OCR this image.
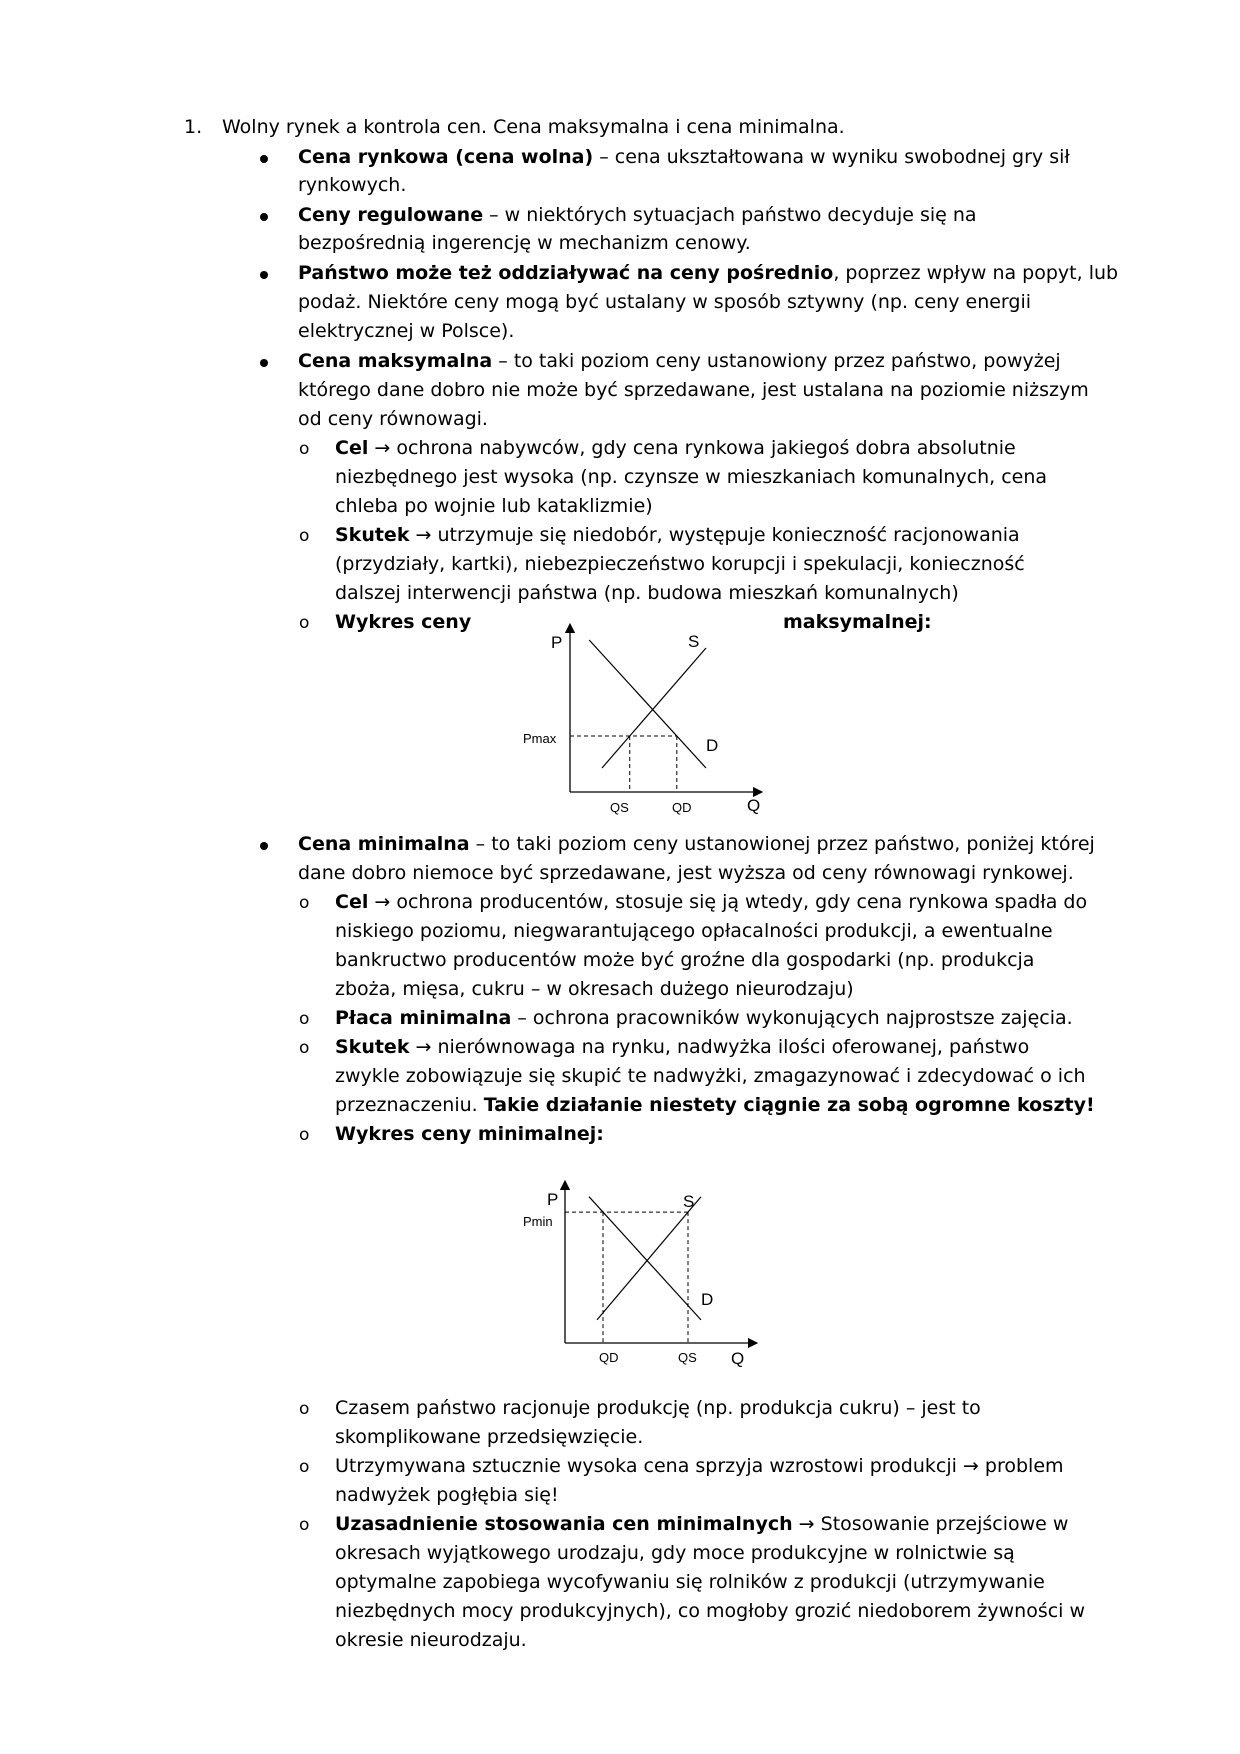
1. Wolny rynek a kontrola cen. Cena maksymalna i cena minimalna.
Cena rynkowa (cena wolna) – cena ukształtowana w wyniku swobodnej gry sił
rynkowych.
Ceny regulowane – w niektórych sytuacjach państwo decyduje się na
bezpośrednią ingerencję w mechanizm cenowy.
Państwo może też oddziaływać na ceny pośrednio, poprzez wpływ na popyt, lub
podaż. Niektóre ceny mogą być ustalany w sposób sztywny (np. ceny energii
elektrycznej w Polsce).
Cena maksymalna – to taki poziom ceny ustanowiony przez państwo, powyżej
którego dane dobro nie może być sprzedawane, jest ustalana na poziomie niższym
od ceny równowagi.
o Cel → ochrona nabywców, gdy cena rynkowa jakiegoś dobra absolutnie
niezbędnego jest wysoka (np. czynsze w mieszkaniach komunalnych, cena
chleba po wojnie lub kataklizmie)
o Skutek → utrzymuje się niedobór, występuje konieczność racjonowania
(przydziały, kartki), niebezpieczeństwo korupcji i spekulacji, konieczność
dalszej interwencji państwa (np. budowa mieszkań komunalnych)
o Wykres ceny	maksymalnej:
P
Q
S
D
Pmax
QS	QD
Cena minimalna – to taki poziom ceny ustanowionej przez państwo, poniżej której
dane dobro niemoce być sprzedawane, jest wyższa od ceny równowagi rynkowej.
o Cel → ochrona producentów, stosuje się ją wtedy, gdy cena rynkowa spadła do
niskiego poziomu, niegwarantującego opłacalności produkcji, a ewentualne
bankructwo producentów może być groźne dla gospodarki (np. produkcja
zboża, mięsa, cukru – w okresach dużego nieurodzaju)
o Płaca minimalna – ochrona pracowników wykonujących najprostsze zajęcia.
o Skutek → nierównowaga na rynku, nadwyżka ilości oferowanej, państwo
zwykle zobowiązuje się skupić te nadwyżki, zmagazynować i zdecydować o ich
przeznaczeniu. Takie działanie niestety ciągnie za sobą ogromne koszty!
o Wykres ceny minimalnej:
P
Q
S
D
Pmin
QD	QS
o Czasem państwo racjonuje produkcję (np. produkcja cukru) – jest to
skomplikowane przedsięwzięcie.
o Utrzymywana sztucznie wysoka cena sprzyja wzrostowi produkcji → problem
nadwyżek pogłębia się!
o Uzasadnienie stosowania cen minimalnych → Stosowanie przejściowe w
okresach wyjątkowego urodzaju, gdy moce produkcyjne w rolnictwie są
optymalne zapobiega wycofywaniu się rolników z produkcji (utrzymywanie
niezbędnych mocy produkcyjnych), co mogłoby grozić niedoborem żywności w
okresie nieurodzaju.
